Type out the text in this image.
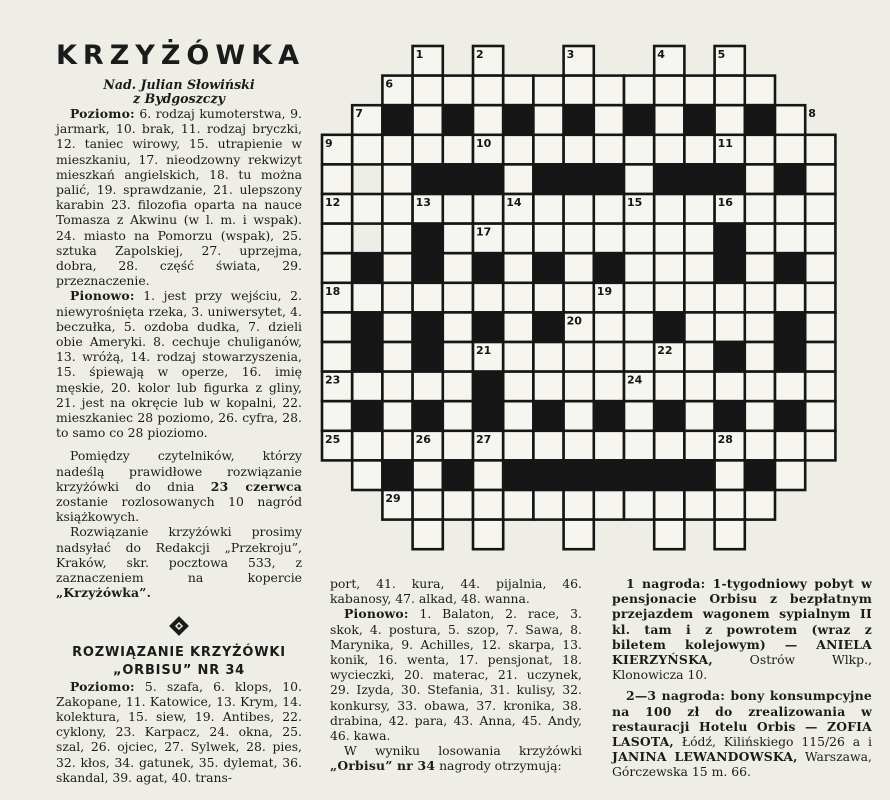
1	2	3	4	5
6
7	8
9	10	11
12	13	14	15	16
17
18	19
20
21	22
23	24
25	26	27	28
29
KRZYŻÓWKA
Nad. Julian Słowiński
z Bydgoszczy

Poziomo: 6. rodzaj kumoterstwa, 9. jarmark, 10. brak, 11. rodzaj bryczki, 12. taniec wirowy, 15. utrapienie w mieszkaniu, 17. nieodzowny rekwizyt mieszkań angielskich, 18. tu można palić, 19. sprawdzanie, 21. ulepszony karabin 23. filozofia oparta na nauce Tomasza z Akwinu (w l. m. i wspak). 24. miasto na Pomorzu (wspak), 25. sztuka Zapolskiej, 27. uprzejma, dobra, 28. część świata, 29. przeznaczenie.

Pionowo: 1. jest przy wejściu, 2. niewyrośnięta rzeka, 3. uniwersytet, 4. beczułka, 5. ozdoba dudka, 7. dzieli obie Ameryki. 8. cechuje chuliganów, 13. wróżą, 14. rodzaj stowarzyszenia, 15. śpiewają w operze, 16. imię męskie, 20. kolor lub figurka z gliny, 21. jest na okręcie lub w kopalni, 22. mieszkaniec 28 poziomo, 26. cyfra, 28. to samo co 28 pioziomo.

Pomiędzy czytelników, którzy nadeślą prawidłowe rozwiązanie krzyżówki do dnia 23 czerwca zostanie rozlosowanych 10 nagród książkowych.

Rozwiązanie krzyżówki prosimy nadsyłać do Redakcji „Przekroju”, Kraków, skr. pocztowa 533, z zaznaczeniem na kopercie „Krzyżówka”.

ROZWIĄZANIE KRZYŻÓWKI
„ORBISU” NR 34

Poziomo: 5. szafa, 6. klops, 10. Zakopane, 11. Katowice, 13. Krym, 14. kolektura, 15. siew, 19. Antibes, 22. cyklony, 23. Karpacz, 24. okna, 25. szal, 26. ojciec, 27. Sylwek, 28. pies, 32. kłos, 34. gatunek, 35. dylemat, 36. skandal, 39. agat, 40. trans-

port, 41. kura, 44. pijalnia, 46. kabanosy, 47. alkad, 48. wanna.

Pionowo: 1. Balaton, 2. race, 3. skok, 4. postura, 5. szop, 7. Sawa, 8. Marynika, 9. Achilles, 12. skarpa, 13. konik, 16. wenta, 17. pensjonat, 18. wycieczki, 20. materac, 21. uczynek, 29. Izyda, 30. Stefania, 31. kulisy, 32. konkursy, 33. obawa, 37. kronika, 38. drabina, 42. para, 43. Anna, 45. Andy, 46. kawa.

W wyniku losowania krzyżówki „Orbisu” nr 34 nagrody otrzymują:

1 nagroda: 1-tygodniowy pobyt w pensjonacie Orbisu z bezpłatnym przejazdem wagonem sypialnym II kl. tam i z powrotem (wraz z biletem kolejowym) — ANIELA KIERZYŃSKA, Ostrów Wlkp., Klonowicza 10.

2—3 nagroda: bony konsumpcyjne na 100 zł do zrealizowania w restauracji Hotelu Orbis — ZOFIA LASOTA, Łódź, Kilińskiego 115/26 a i JANINA LEWANDOWSKA, Warszawa, Górczewska 15 m. 66.
